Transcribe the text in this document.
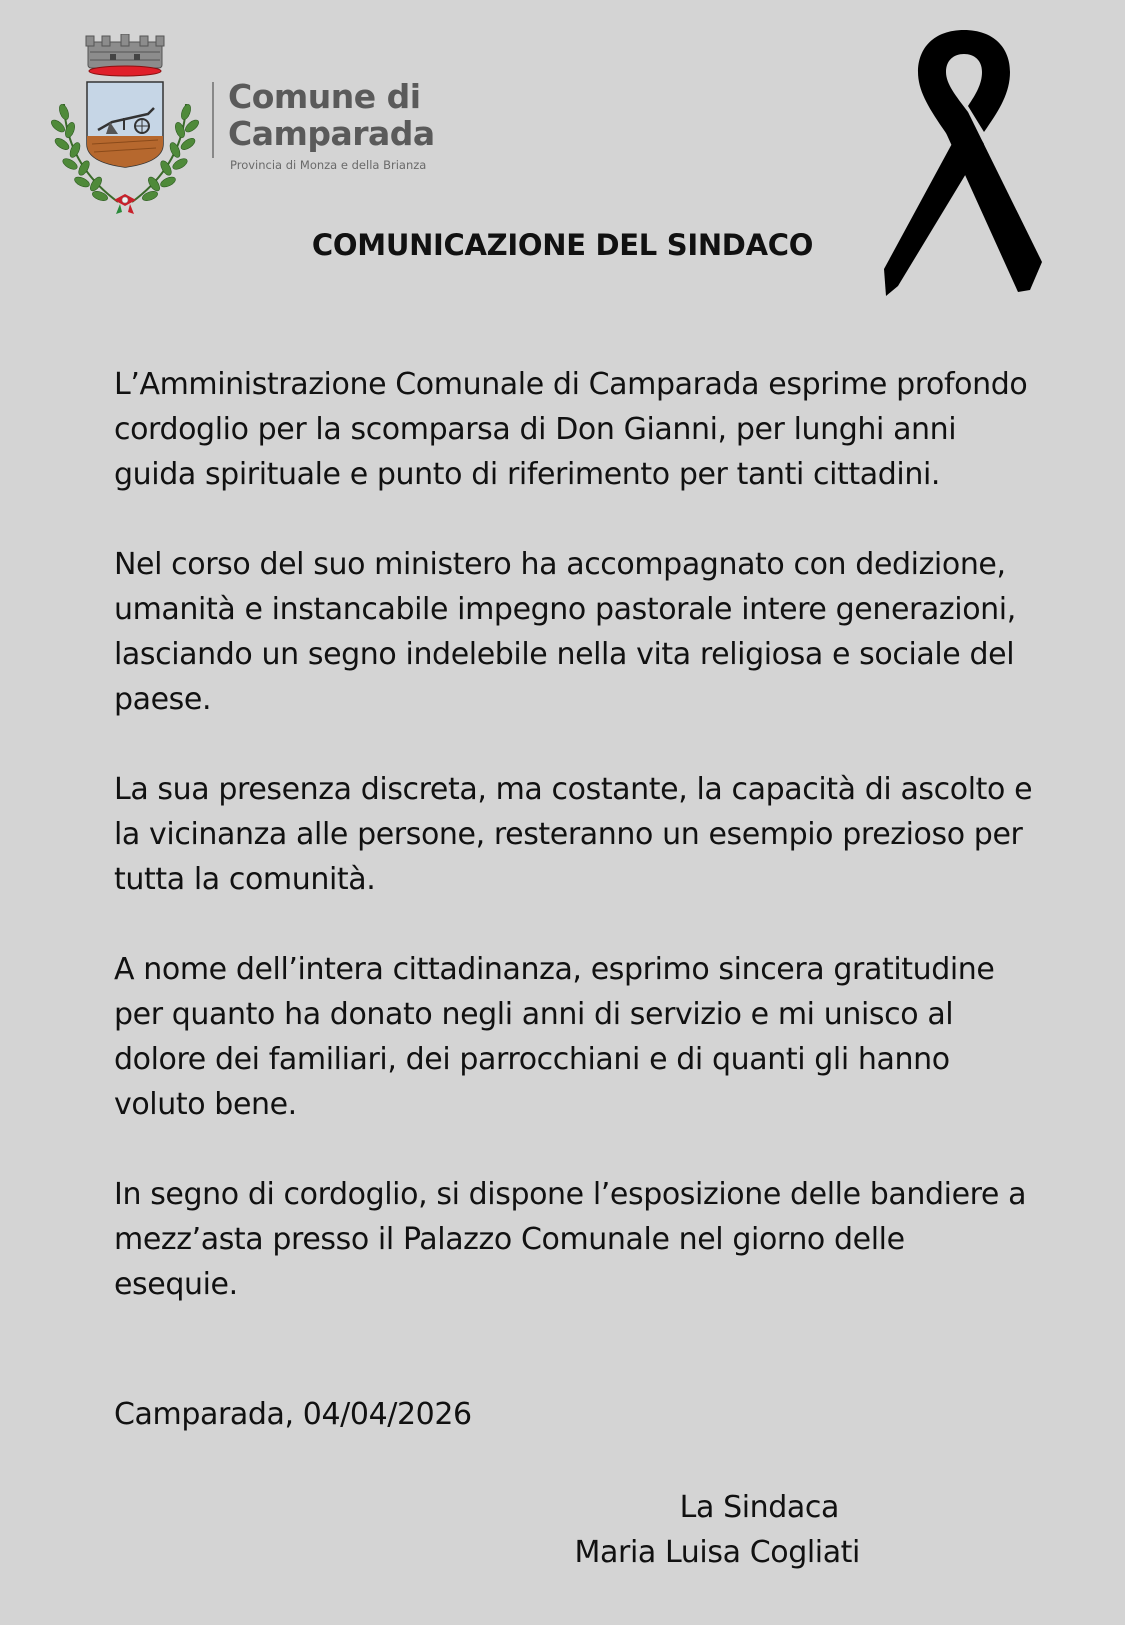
Comune di
Camparada
Provincia di Monza e della Brianza
COMUNICAZIONE DEL SINDACO

L’Amministrazione Comunale di Camparada esprime profondo cordoglio per la scomparsa di Don Gianni, per lunghi anni guida spirituale e punto di riferimento per tanti cittadini.

Nel corso del suo ministero ha accompagnato con dedizione, umanità e instancabile impegno pastorale intere generazioni, lasciando un segno indelebile nella vita religiosa e sociale del paese.

La sua presenza discreta, ma costante, la capacità di ascolto e la vicinanza alle persone, resteranno un esempio prezioso per tutta la comunità.

A nome dell’intera cittadinanza, esprimo sincera gratitudine per quanto ha donato negli anni di servizio e mi unisco al dolore dei familiari, dei parrocchiani e di quanti gli hanno voluto bene.

In segno di cordoglio, si dispone l’esposizione delle bandiere a mezz’asta presso il Palazzo Comunale nel giorno delle esequie.

Camparada, 04/04/2026
La Sindaca
Maria Luisa Cogliati
